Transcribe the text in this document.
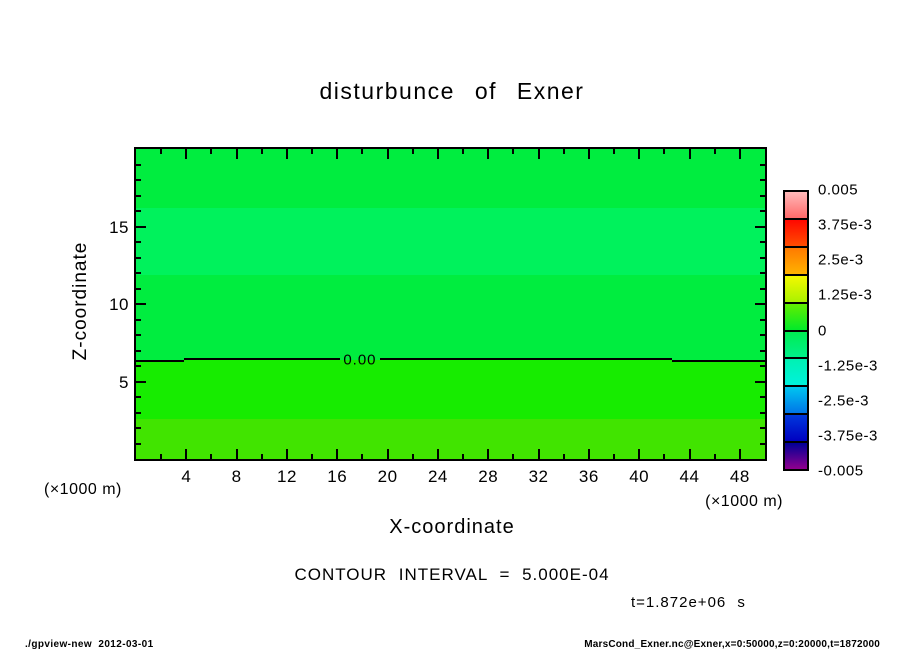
disturbunce of Exner
0.00
Z-coordinate
X-coordinate
(×1000 m)
(×1000 m)
0.005
3.75e-3
2.5e-3
1.25e-3
0
-1.25e-3
-2.5e-3
-3.75e-3
-0.005
CONTOUR INTERVAL = 5.000E-04
t=1.872e+06 s
./gpview-new  2012-03-01	MarsCond_Exner.nc@Exner,x=0:50000,z=0:20000,t=1872000
4 8 12 16 20 24 28 32 36 40 44 48
5
10
15
